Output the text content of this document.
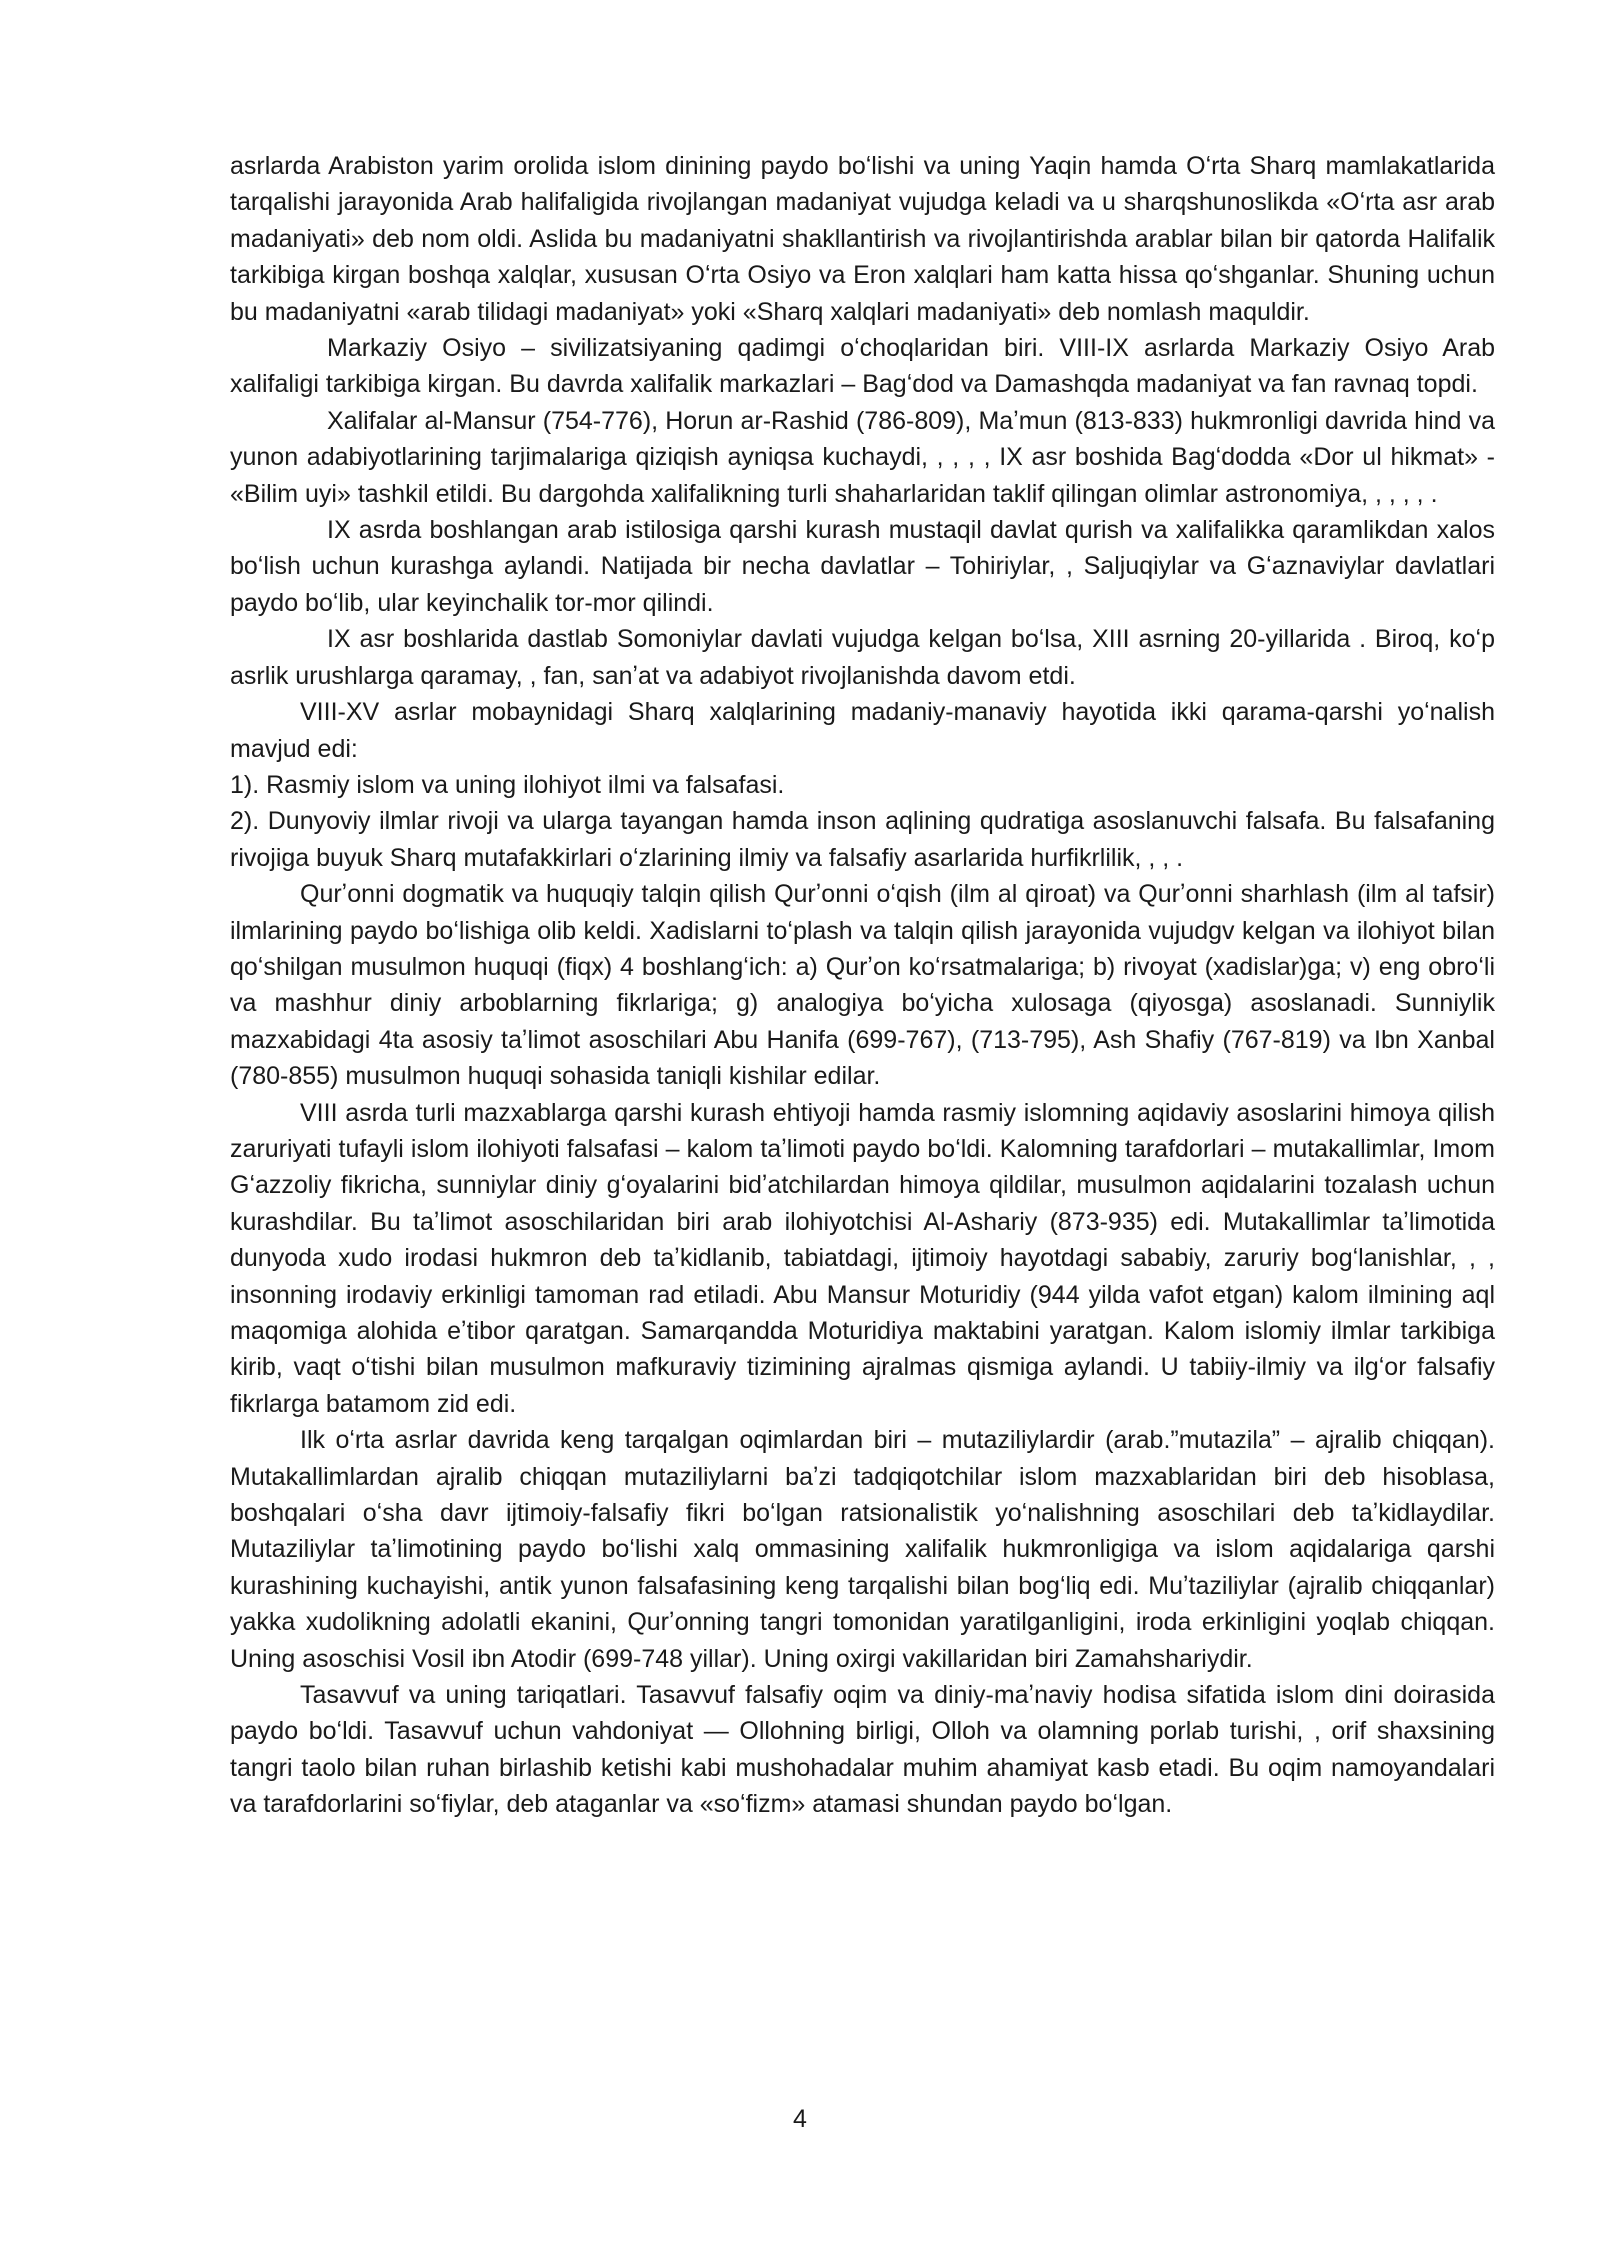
asrlarda Arabiston yarim orolida islom dinining paydo boʻlishi va uning Yaqin hamda Oʻrta Sharq mamlakatlarida tarqalishi jarayonida Arab halifaligida rivojlangan madaniyat vujudga keladi va u sharqshunoslikda «Oʻrta asr arab madaniyati» deb nom oldi. Aslida bu madaniyatni shakllantirish va rivojlantirishda arablar bilan bir qatorda Halifalik tarkibiga kirgan boshqa xalqlar, xususan Oʻrta Osiyo va Eron xalqlari ham katta hissa qoʻshganlar. Shuning uchun bu madaniyatni «arab tilidagi madaniyat» yoki «Sharq xalqlari madaniyati» deb nomlash maquldir.

Markaziy Osiyo – sivilizatsiyaning qadimgi oʻchoqlaridan biri. VIII-IX asrlarda Markaziy Osiyo Arab xalifaligi tarkibiga kirgan. Bu davrda xalifalik markazlari – Bagʻdod va Damashqda madaniyat va fan ravnaq topdi.

Xalifalar al-Mansur (754-776), Horun ar-Rashid (786-809), Maʼmun (813-833) hukmronligi davrida hind va yunon adabiyotlarining tarjimalariga qiziqish ayniqsa kuchaydi, , , , , IX asr boshida Bagʻdodda «Dor ul hikmat» - «Bilim uyi» tashkil etildi. Bu dargohda xalifalikning turli shaharlaridan taklif qilingan olimlar astronomiya, , , , , .

IX asrda boshlangan arab istilosiga qarshi kurash mustaqil davlat qurish va xalifalikka qaramlikdan xalos boʻlish uchun kurashga aylandi. Natijada bir necha davlatlar – Tohiriylar, , Saljuqiylar va Gʻaznaviylar davlatlari paydo boʻlib, ular keyinchalik tor-mor qilindi.

IX asr boshlarida dastlab Somoniylar davlati vujudga kelgan boʻlsa, XIII asrning 20-yillarida . Biroq, koʻp asrlik urushlarga qaramay, , fan, sanʼat va adabiyot rivojlanishda davom etdi.

VIII-XV asrlar mobaynidagi Sharq xalqlarining madaniy-manaviy hayotida ikki qarama-qarshi yoʻnalish mavjud edi:

1). Rasmiy islom va uning ilohiyot ilmi va falsafasi.

2). Dunyoviy ilmlar rivoji va ularga tayangan hamda inson aqlining qudratiga asoslanuvchi falsafa. Bu falsafaning rivojiga buyuk Sharq mutafakkirlari oʻzlarining ilmiy va falsafiy asarlarida hurfikrlilik, , , .

Qurʼonni dogmatik va huquqiy talqin qilish Qurʼonni oʻqish (ilm al qiroat) va Qurʼonni sharhlash (ilm al tafsir) ilmlarining paydo boʻlishiga olib keldi. Xadislarni toʻplash va talqin qilish jarayonida vujudgv kelgan va ilohiyot bilan qoʻshilgan musulmon huquqi (fiqx) 4 boshlangʻich: a) Qurʼon koʻrsatmalariga; b) rivoyat (xadislar)ga; v) eng obroʻli va mashhur diniy arboblarning fikrlariga; g) analogiya boʻyicha xulosaga (qiyosga) asoslanadi. Sunniylik mazxabidagi 4ta asosiy taʼlimot asoschilari Abu Hanifa (699-767), (713-795), Ash Shafiy (767-819) va Ibn Xanbal (780-855) musulmon huquqi sohasida taniqli kishilar edilar.

VIII asrda turli mazxablarga qarshi kurash ehtiyoji hamda rasmiy islomning aqidaviy asoslarini himoya qilish zaruriyati tufayli islom ilohiyoti falsafasi – kalom taʼlimoti paydo boʻldi. Kalomning tarafdorlari – mutakallimlar, Imom Gʻazzoliy fikricha, sunniylar diniy gʻoyalarini bidʼatchilardan himoya qildilar, musulmon aqidalarini tozalash uchun kurashdilar. Bu taʼlimot asoschilaridan biri arab ilohiyotchisi Al-Ashariy (873-935) edi. Mutakallimlar taʼlimotida dunyoda xudo irodasi hukmron deb taʼkidlanib, tabiatdagi, ijtimoiy hayotdagi sababiy, zaruriy bogʻlanishlar, , , insonning irodaviy erkinligi tamoman rad etiladi. Abu Mansur Moturidiy (944 yilda vafot etgan) kalom ilmining aql maqomiga alohida eʼtibor qaratgan. Samarqandda Moturidiya maktabini yaratgan. Kalom islomiy ilmlar tarkibiga kirib, vaqt oʻtishi bilan musulmon mafkuraviy tizimining ajralmas qismiga aylandi. U tabiiy-ilmiy va ilgʻor falsafiy fikrlarga batamom zid edi.

Ilk oʻrta asrlar davrida keng tarqalgan oqimlardan biri – mutaziliylardir (arab.”mutazila” – ajralib chiqqan). Mutakallimlardan ajralib chiqqan mutaziliylarni baʼzi tadqiqotchilar islom mazxablaridan biri deb hisoblasa, boshqalari oʻsha davr ijtimoiy-falsafiy fikri boʻlgan ratsionalistik yoʻnalishning asoschilari deb taʼkidlaydilar. Mutaziliylar taʼlimotining paydo boʻlishi xalq ommasining xalifalik hukmronligiga va islom aqidalariga qarshi kurashining kuchayishi, antik yunon falsafasining keng tarqalishi bilan bogʻliq edi. Muʼtaziliylar (ajralib chiqqanlar) yakka xudolikning adolatli ekanini, Qurʼonning tangri tomonidan yaratilganligini, iroda erkinligini yoqlab chiqqan. Uning asoschisi Vosil ibn Atodir (699-748 yillar). Uning oxirgi vakillaridan biri Zamahshariydir.

Tasavvuf va uning tariqatlari. Tasavvuf falsafiy oqim va diniy-maʼnaviy hodisa sifatida islom dini doirasida paydo boʻldi. Tasavvuf uchun vahdoniyat — Ollohning birligi, Olloh va olamning porlab turishi, , orif shaxsining tangri taolo bilan ruhan birlashib ketishi kabi mushohadalar muhim ahamiyat kasb etadi. Bu oqim namoyandalari va tarafdorlarini soʻfiylar, deb ataganlar va «soʻfizm» atamasi shundan paydo boʻlgan.

4
